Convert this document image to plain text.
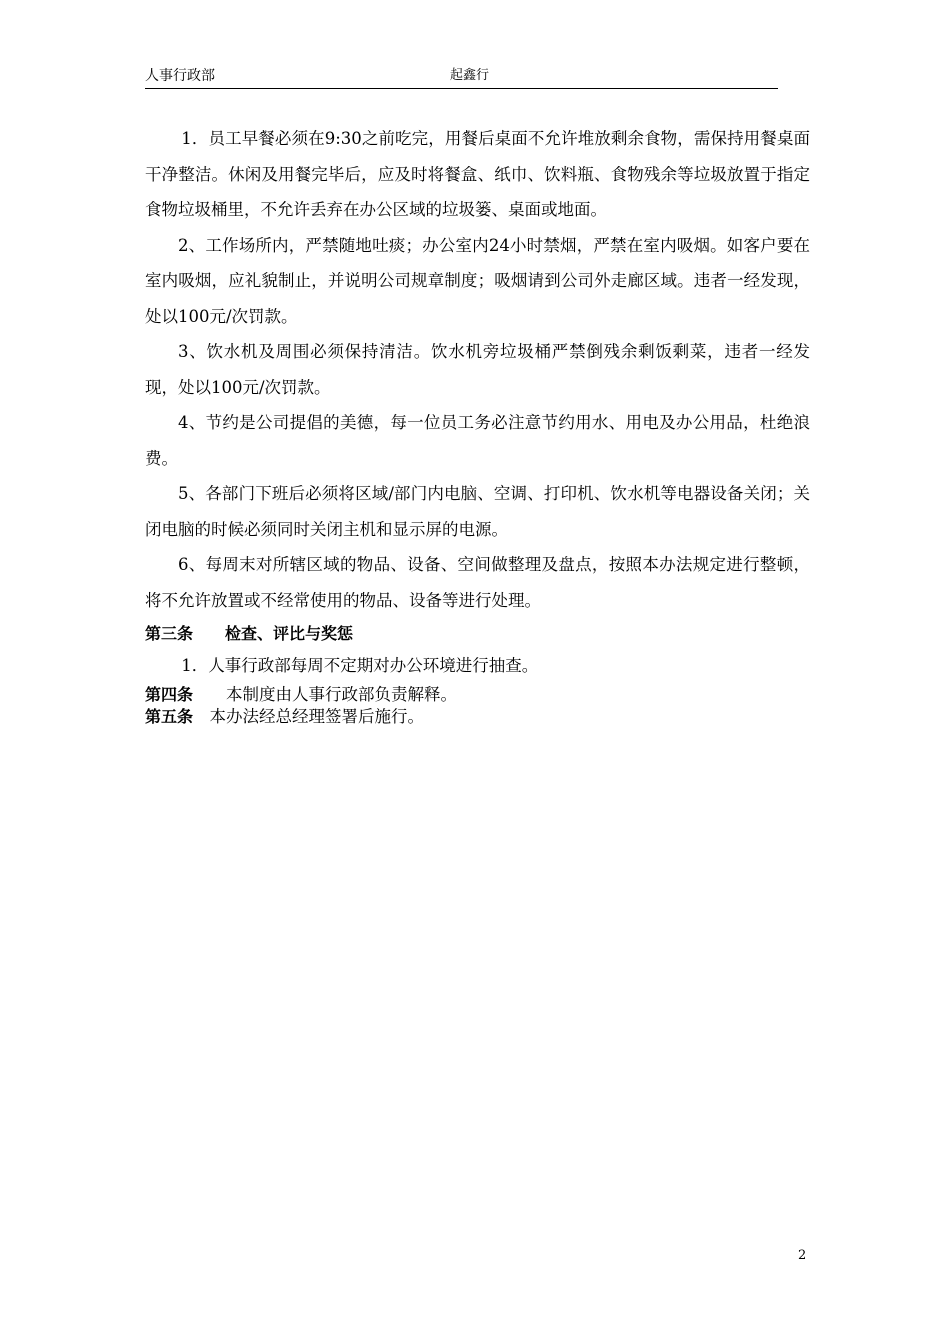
人事行政部	起鑫行

1．员工早餐必须在9:30之前吃完，用餐后桌面不允许堆放剩余食物，需保持用餐桌面干净整洁。休闲及用餐完毕后，应及时将餐盒、纸巾、饮料瓶、食物残余等垃圾放置于指定食物垃圾桶里，不允许丢弃在办公区域的垃圾篓、桌面或地面。

2、工作场所内，严禁随地吐痰；办公室内24小时禁烟，严禁在室内吸烟。如客户要在室内吸烟，应礼貌制止，并说明公司规章制度；吸烟请到公司外走廊区域。违者一经发现，处以100元/次罚款。

3、饮水机及周围必须保持清洁。饮水机旁垃圾桶严禁倒残余剩饭剩菜，违者一经发现，处以100元/次罚款。

4、节约是公司提倡的美德，每一位员工务必注意节约用水、用电及办公用品，杜绝浪费。

5、各部门下班后必须将区域/部门内电脑、空调、打印机、饮水机等电器设备关闭；关闭电脑的时候必须同时关闭主机和显示屏的电源。

6、每周末对所辖区域的物品、设备、空间做整理及盘点，按照本办法规定进行整顿，将不允许放置或不经常使用的物品、设备等进行处理。

第三条　　检查、评比与奖惩

1．人事行政部每周不定期对办公环境进行抽查。

第四条　　本制度由人事行政部负责解释。

第五条　本办法经总经理签署后施行。

2
